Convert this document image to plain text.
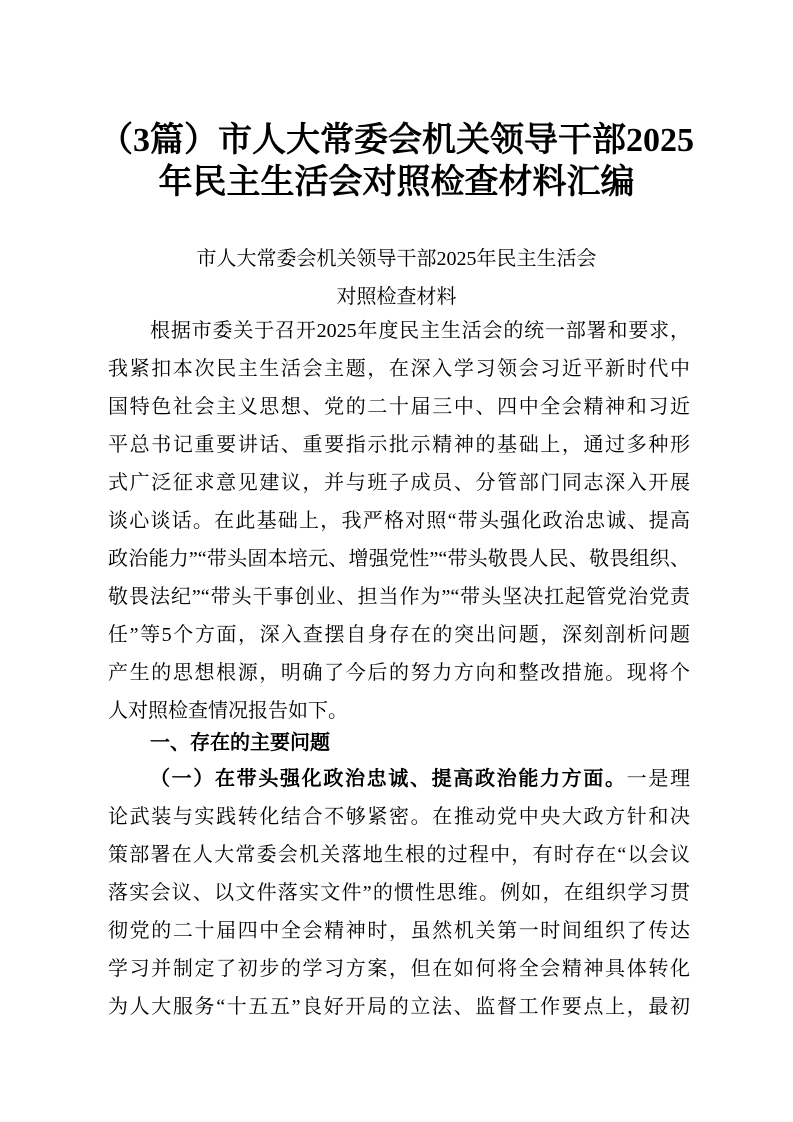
（3篇）市人大常委会机关领导干部2025
年民主生活会对照检查材料汇编
市人大常委会机关领导干部2025年民主生活会
对照检查材料
根据市委关于召开2025年度民主生活会的统一部署和要求，
我紧扣本次民主生活会主题，在深入学习领会习近平新时代中
国特色社会主义思想、党的二十届三中、四中全会精神和习近
平总书记重要讲话、重要指示批示精神的基础上，通过多种形
式广泛征求意见建议，并与班子成员、分管部门同志深入开展
谈心谈话。在此基础上，我严格对照“带头强化政治忠诚、提高
政治能力”“带头固本培元、增强党性”“带头敬畏人民、敬畏组织、
敬畏法纪”“带头干事创业、担当作为”“带头坚决扛起管党治党责
任”等5个方面，深入查摆自身存在的突出问题，深刻剖析问题
产生的思想根源，明确了今后的努力方向和整改措施。现将个
人对照检查情况报告如下。
一、存在的主要问题
（一）在带头强化政治忠诚、提高政治能力方面。一是理
论武装与实践转化结合不够紧密。在推动党中央大政方针和决
策部署在人大常委会机关落地生根的过程中，有时存在“以会议
落实会议、以文件落实文件”的惯性思维。例如，在组织学习贯
彻党的二十届四中全会精神时，虽然机关第一时间组织了传达
学习并制定了初步的学习方案，但在如何将全会精神具体转化
为人大服务“十五五”良好开局的立法、监督工作要点上，最初
